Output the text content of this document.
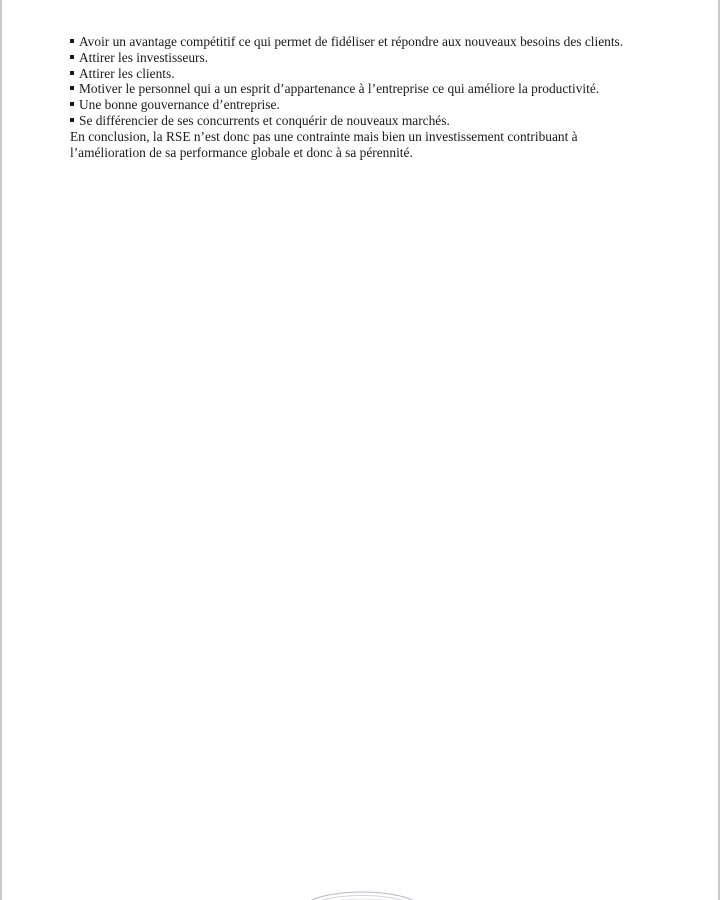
Avoir un avantage compétitif ce qui permet de fidéliser et répondre aux nouveaux besoins des clients.
Attirer les investisseurs.
Attirer les clients.
Motiver le personnel qui a un esprit d’appartenance à l’entreprise ce qui améliore la productivité.
Une bonne gouvernance d’entreprise.
Se différencier de ses concurrents et conquérir de nouveaux marchés.

En conclusion, la RSE n’est donc pas une contrainte mais bien un investissement contribuant à
l’amélioration de sa performance globale et donc à sa pérennité.
